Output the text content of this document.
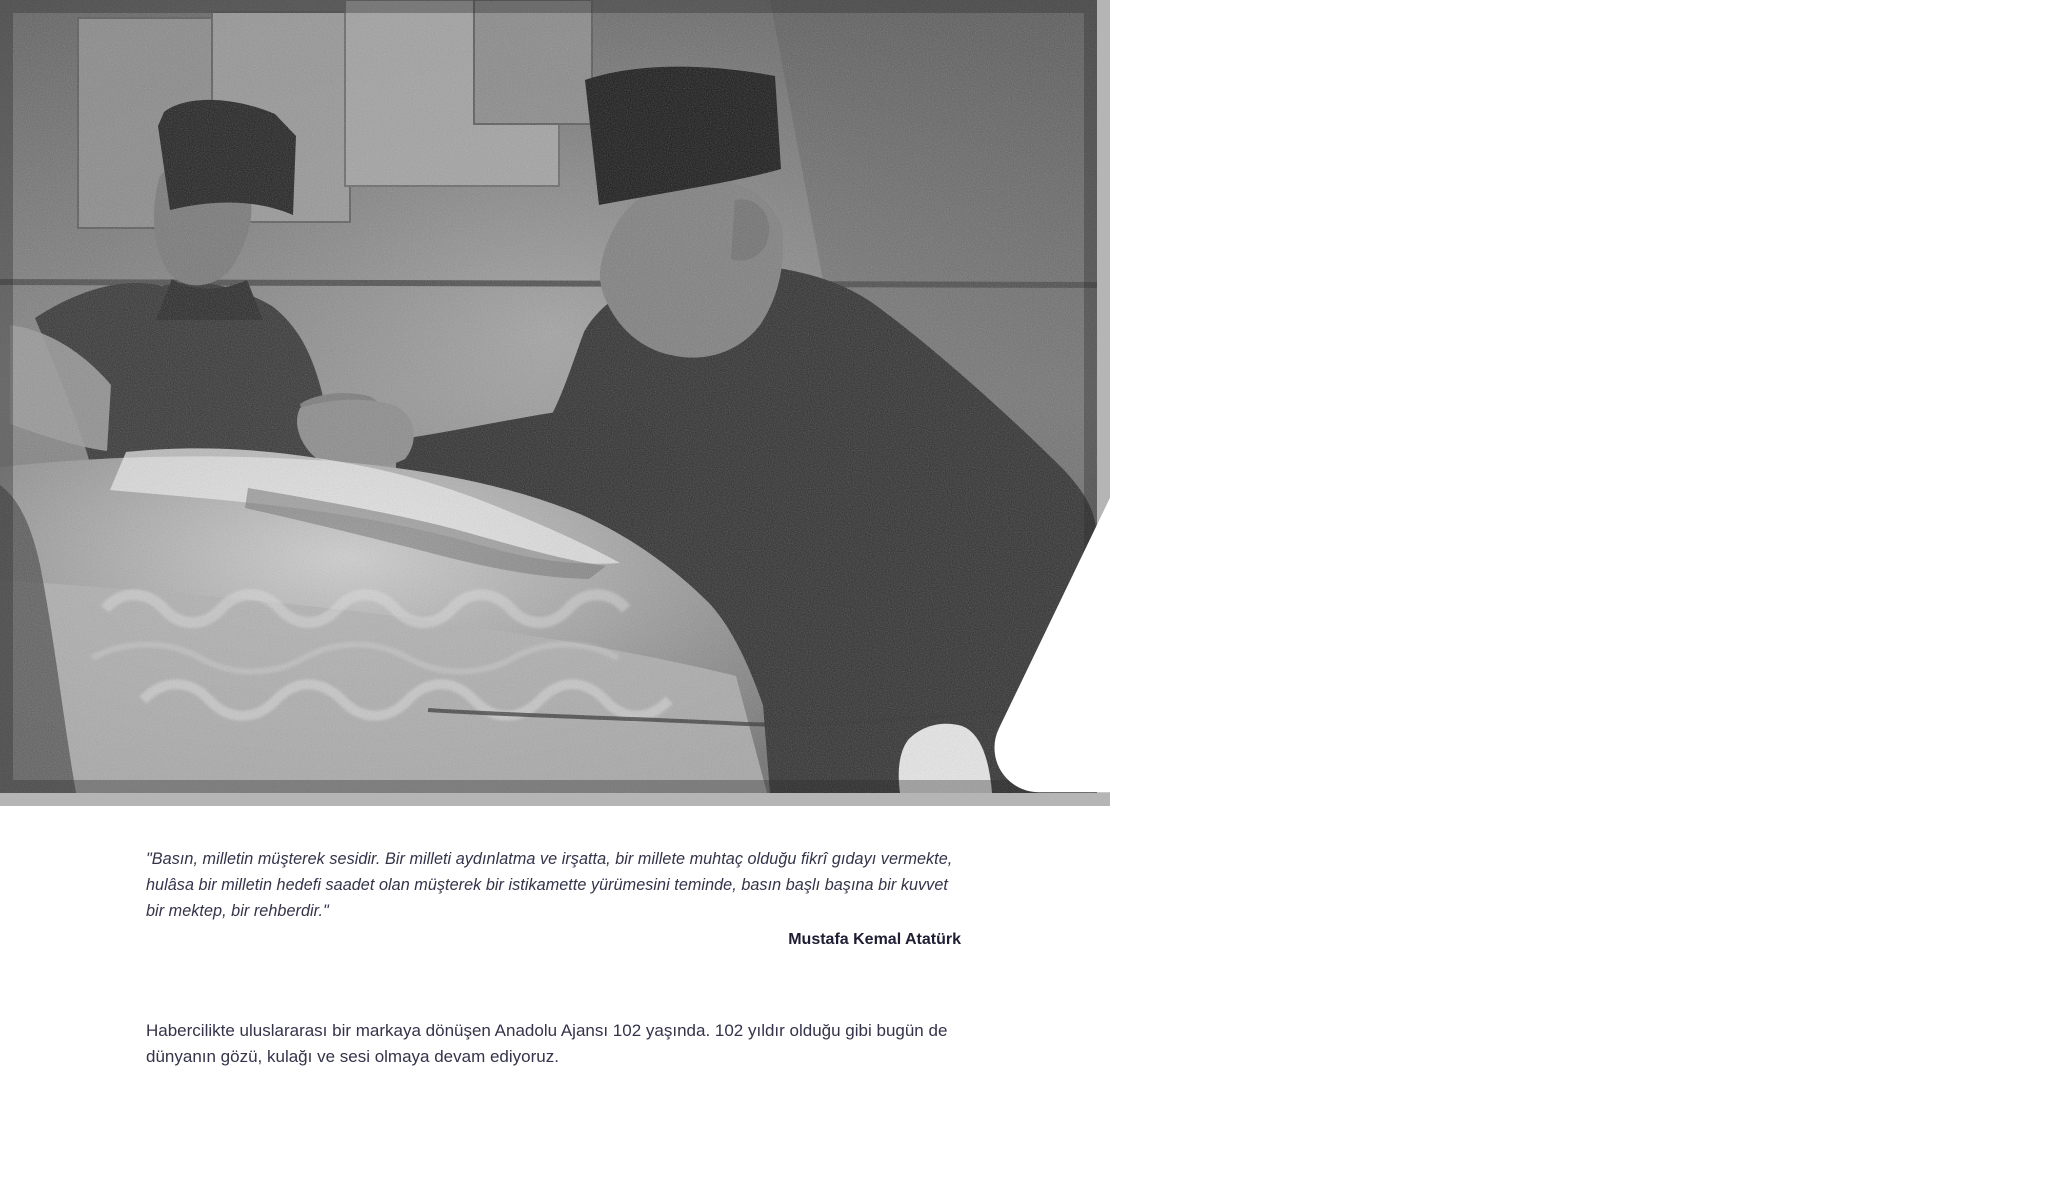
ANADOLU AJANSI

"Basın, milletin müşterek sesidir. Bir milleti aydınlatma ve irşatta, bir millete muhtaç olduğu fikrî gıdayı vermekte, hulâsa bir milletin hedefi saadet olan müşterek bir istikamette yürümesini teminde, basın başlı başına bir kuvvet bir mektep, bir rehberdir."

Mustafa Kemal Atatürk

Habercilikte uluslararası bir markaya dönüşen Anadolu Ajansı 102 yaşında. 102 yıldır olduğu gibi bugün de dünyanın gözü, kulağı ve sesi olmaya devam ediyoruz.
